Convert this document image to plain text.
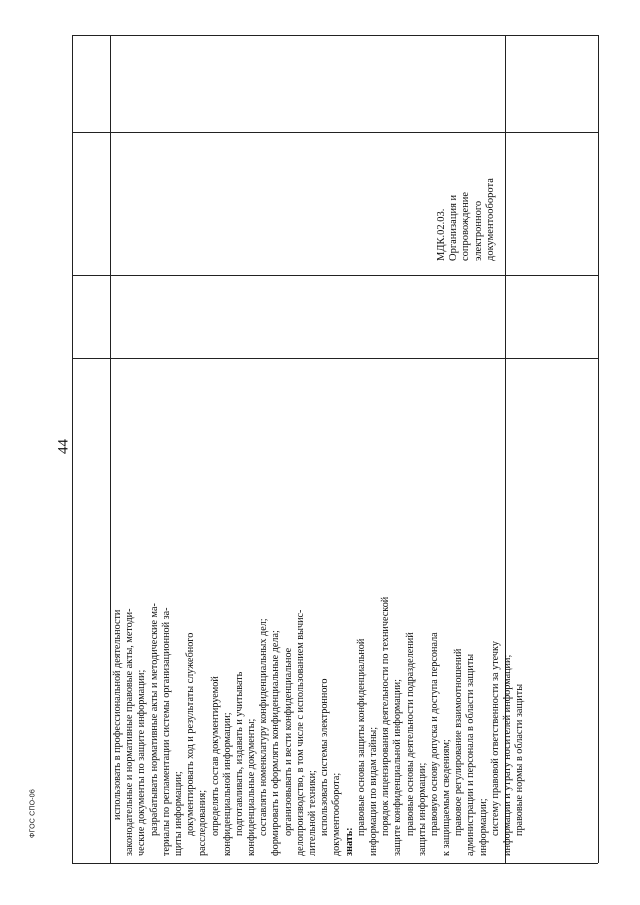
44
ФГОС СПО-06
МДК.02.03. Организация и сопровождение электронного документооборота
использовать в профессиональной деятельности законодательные и нормативные правовые акты, методи- ческие документы по защите информации; разрабатывать нормативные акты и методические ма- териалы по регламентации системы организационной за- щиты информации; документировать ход и результаты служебного расследования; определять состав документируемой конфиденциальной информации; подготавливать, издавать и учитывать конфиденциальные документы; составлять номенклатуру конфиденциальных дел; формировать и оформлять конфиденциальные дела; организовывать и вести конфиденциальное делопроизводство, в том числе с использованием вычис- лительной техники; использовать системы электронного документооборота; знать:
правовые основы защиты конфиденциальной информации по видам тайны; порядок лицензирования деятельности по технической защите конфиденциальной информации; правовые основы деятельности подразделений защиты информации; правовую основу допуска и доступа персонала к защищаемым сведениям; правовое регулирование взаимоотношений администрации и персонала в области защиты информации; систему правовой ответственности за утечку информации и утрату носителей информации; правовые нормы в области защиты
